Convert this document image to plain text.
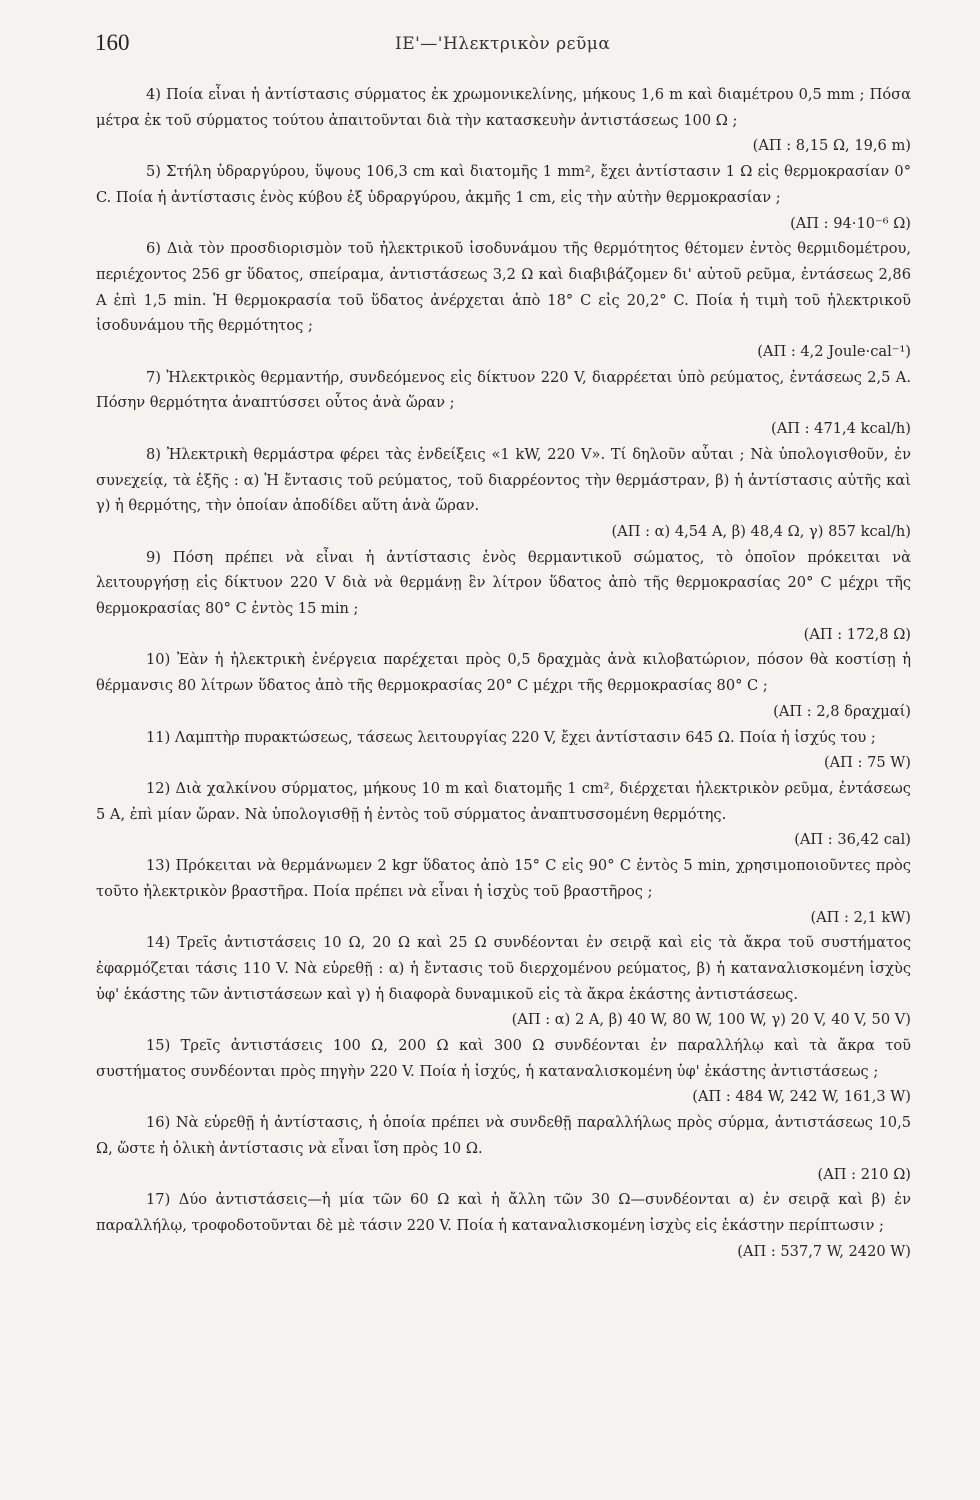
160	ΙΕ'—'Ηλεκτρικὸν ρεῦμα
4) Ποία εἶναι ἡ ἀντίστασις σύρματος ἐκ χρωμονικελίνης, μήκους 1,6 m καὶ διαμέτρου 0,5 mm ; Πόσα μέτρα ἐκ τοῦ σύρματος τούτου ἀπαιτοῦνται διὰ τὴν κατασκευὴν ἀντιστάσεως 100 Ω ;
(ΑΠ : 8,15 Ω, 19,6 m)
5) Στήλη ὑδραργύρου, ὕψους 106,3 cm καὶ διατομῆς 1 mm², ἔχει ἀντίστασιν 1 Ω εἰς θερμοκρασίαν 0° C. Ποία ἡ ἀντίστασις ἑνὸς κύβου ἐξ ὑδραργύρου, ἀκμῆς 1 cm, εἰς τὴν αὐτὴν θερμοκρασίαν ;
(ΑΠ : 94·10⁻⁶ Ω)
6) Διὰ τὸν προσδιορισμὸν τοῦ ἠλεκτρικοῦ ἰσοδυνάμου τῆς θερμότητος θέτομεν ἐντὸς θερμιδομέτρου, περιέχοντος 256 gr ὕδατος, σπείραμα, ἀντιστάσεως 3,2 Ω καὶ διαβιβάζομεν δι' αὐτοῦ ρεῦμα, ἐντάσεως 2,86 A ἐπὶ 1,5 min. Ἡ θερμοκρασία τοῦ ὕδατος ἀνέρχεται ἀπὸ 18° C εἰς 20,2° C. Ποία ἡ τιμὴ τοῦ ἠλεκτρικοῦ ἰσοδυνάμου τῆς θερμότητος ;
(ΑΠ : 4,2 Joule·cal⁻¹)
7) Ἠλεκτρικὸς θερμαντήρ, συνδεόμενος εἰς δίκτυον 220 V, διαρρέεται ὑπὸ ρεύματος, ἐντάσεως 2,5 A. Πόσην θερμότητα ἀναπτύσσει οὗτος ἀνὰ ὥραν ;
(ΑΠ : 471,4 kcal/h)
8) Ἠλεκτρικὴ θερμάστρα φέρει τὰς ἐνδείξεις «1 kW, 220 V». Τί δηλοῦν αὗται ; Νὰ ὑπολογισθοῦν, ἐν συνεχείᾳ, τὰ ἑξῆς : α) Ἡ ἔντασις τοῦ ρεύματος, τοῦ διαρρέοντος τὴν θερμάστραν, β) ἡ ἀντίστασις αὐτῆς καὶ γ) ἡ θερμότης, τὴν ὁποίαν ἀποδίδει αὕτη ἀνὰ ὥραν.
(ΑΠ : α) 4,54 A, β) 48,4 Ω, γ) 857 kcal/h)
9) Πόση πρέπει νὰ εἶναι ἡ ἀντίστασις ἑνὸς θερμαντικοῦ σώματος, τὸ ὁποῖον πρόκειται νὰ λειτουργήσῃ εἰς δίκτυον 220 V διὰ νὰ θερμάνῃ ἓν λίτρον ὕδατος ἀπὸ τῆς θερμοκρασίας 20° C μέχρι τῆς θερμοκρασίας 80° C ἐντὸς 15 min ;
(ΑΠ : 172,8 Ω)
10) Ἐὰν ἡ ἠλεκτρικὴ ἐνέργεια παρέχεται πρὸς 0,5 δραχμὰς ἀνὰ κιλοβατώριον, πόσον θὰ κοστίσῃ ἡ θέρμανσις 80 λίτρων ὕδατος ἀπὸ τῆς θερμοκρασίας 20° C μέχρι τῆς θερμοκρασίας 80° C ;
(ΑΠ : 2,8 δραχμαί)
11) Λαμπτὴρ πυρακτώσεως, τάσεως λειτουργίας 220 V, ἔχει ἀντίστασιν 645 Ω. Ποία ἡ ἰσχύς του ;
(ΑΠ : 75 W)
12) Διὰ χαλκίνου σύρματος, μήκους 10 m καὶ διατομῆς 1 cm², διέρχεται ἠλεκτρικὸν ρεῦμα, ἐντάσεως 5 A, ἐπὶ μίαν ὥραν. Νὰ ὑπολογισθῇ ἡ ἐντὸς τοῦ σύρματος ἀναπτυσσομένη θερμότης.
(ΑΠ : 36,42 cal)
13) Πρόκειται νὰ θερμάνωμεν 2 kgr ὕδατος ἀπὸ 15° C εἰς 90° C ἐντὸς 5 min, χρησιμοποιοῦντες πρὸς τοῦτο ἠλεκτρικὸν βραστῆρα. Ποία πρέπει νὰ εἶναι ἡ ἰσχὺς τοῦ βραστῆρος ;
(ΑΠ : 2,1 kW)
14) Τρεῖς ἀντιστάσεις 10 Ω, 20 Ω καὶ 25 Ω συνδέονται ἐν σειρᾷ καὶ εἰς τὰ ἄκρα τοῦ συστήματος ἐφαρμόζεται τάσις 110 V. Νὰ εὑρεθῇ : α) ἡ ἔντασις τοῦ διερχομένου ρεύματος, β) ἡ καταναλισκομένη ἰσχὺς ὑφ' ἑκάστης τῶν ἀντιστάσεων καὶ γ) ἡ διαφορὰ δυναμικοῦ εἰς τὰ ἄκρα ἑκάστης ἀντιστάσεως.
(ΑΠ : α) 2 A, β) 40 W, 80 W, 100 W, γ) 20 V, 40 V, 50 V)
15) Τρεῖς ἀντιστάσεις 100 Ω, 200 Ω καὶ 300 Ω συνδέονται ἐν παραλλήλῳ καὶ τὰ ἄκρα τοῦ συστήματος συνδέονται πρὸς πηγὴν 220 V. Ποία ἡ ἰσχύς, ἡ καταναλισκομένη ὑφ' ἑκάστης ἀντιστάσεως ;
(ΑΠ : 484 W, 242 W, 161,3 W)
16) Νὰ εὑρεθῇ ἡ ἀντίστασις, ἡ ὁποία πρέπει νὰ συνδεθῇ παραλλήλως πρὸς σύρμα, ἀντιστάσεως 10,5 Ω, ὥστε ἡ ὁλικὴ ἀντίστασις νὰ εἶναι ἴση πρὸς 10 Ω.
(ΑΠ : 210 Ω)
17) Δύο ἀντιστάσεις—ἡ μία τῶν 60 Ω καὶ ἡ ἄλλη τῶν 30 Ω—συνδέονται α) ἐν σειρᾷ καὶ β) ἐν παραλλήλῳ, τροφοδοτοῦνται δὲ μὲ τάσιν 220 V. Ποία ἡ καταναλισκομένη ἰσχὺς εἰς ἑκάστην περίπτωσιν ;
(ΑΠ : 537,7 W, 2420 W)
